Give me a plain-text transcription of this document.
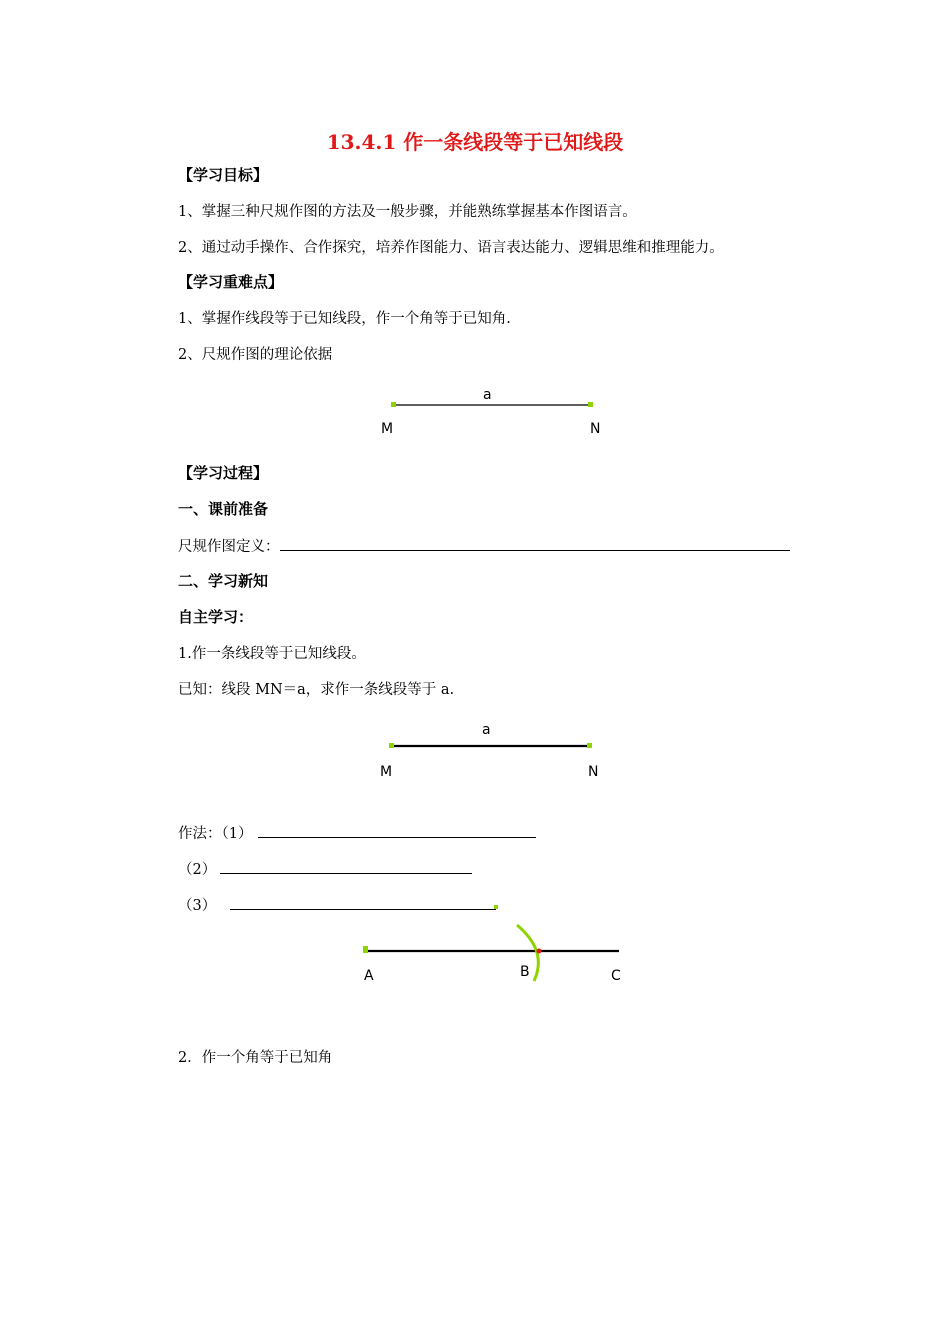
13.4.1 作一条线段等于已知线段
【学习目标】
1、掌握三种尺规作图的方法及一般步骤，并能熟练掌握基本作图语言。
2、通过动手操作、合作探究，培养作图能力、语言表达能力、逻辑思维和推理能力。
【学习重难点】
1、掌握作线段等于已知线段，作一个角等于已知角.
2、尺规作图的理论依据
a
M	N
【学习过程】
一、课前准备
尺规作图定义：
二、学习新知
自主学习：
1.作一条线段等于已知线段。
已知：线段 MN＝a，求作一条线段等于 a.
a
M	N
作法：（1）
（2）
（3）
A	B	C
2．作一个角等于已知角
